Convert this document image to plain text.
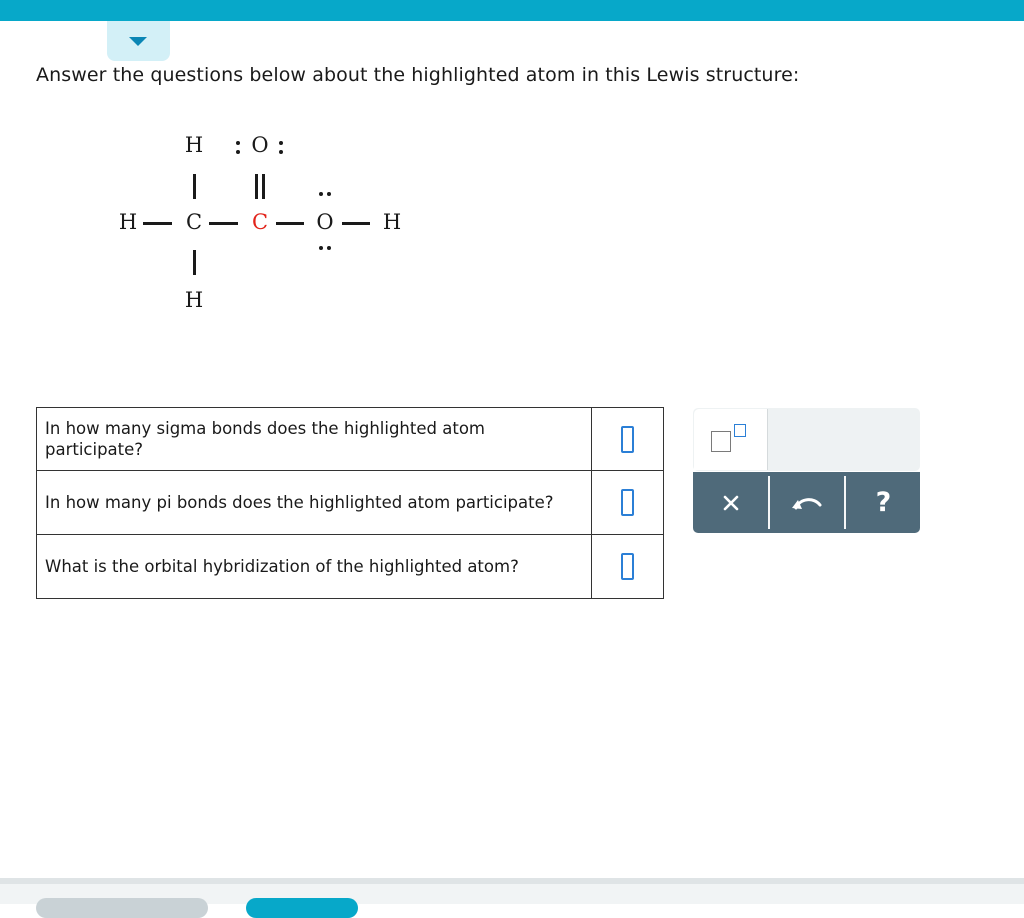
Answer the questions below about the highlighted atom in this Lewis structure:
H O
H C C O H
H
In how many sigma bonds does the highlighted atom participate?	
In how many pi bonds does the highlighted atom participate?	
What is the orbital hybridization of the highlighted atom?	
?
